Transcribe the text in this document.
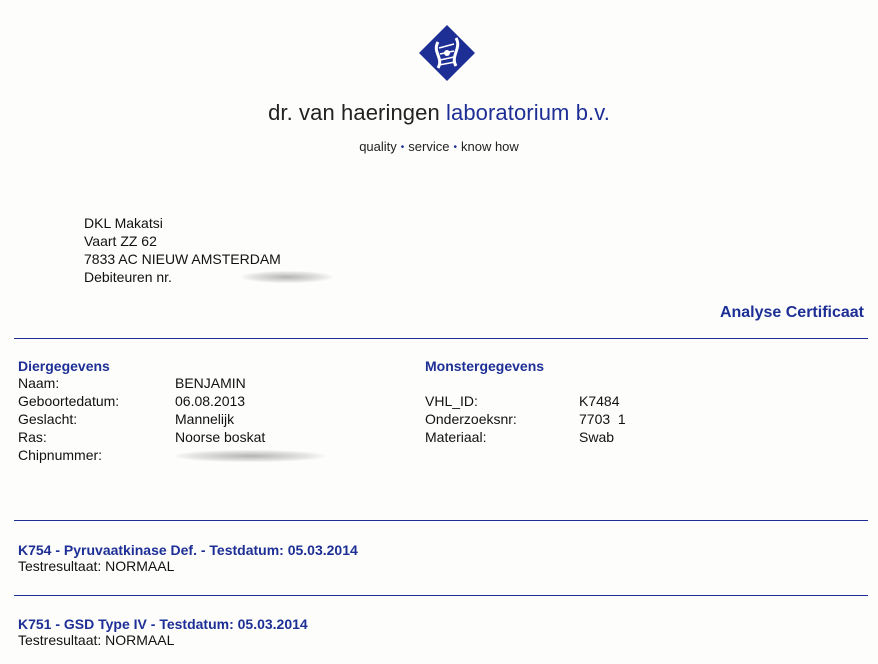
dr. van haeringen laboratorium b.v.
quality • service • know how
DKL Makatsi
Vaart ZZ 62
7833 AC NIEUW AMSTERDAM
Debiteuren nr.
Analyse Certificaat
Diergegevens
Naam:	BENJAMIN
Geboortedatum:	06.08.2013
Geslacht:	Mannelijk
Ras:	Noorse boskat
Chipnummer:
Monstergegevens
VHL_ID:	K7484
Onderzoeksnr:	7703  1
Materiaal:	Swab
K754 - Pyruvaatkinase Def. - Testdatum: 05.03.2014
Testresultaat: NORMAAL
K751 - GSD Type IV - Testdatum: 05.03.2014
Testresultaat: NORMAAL
